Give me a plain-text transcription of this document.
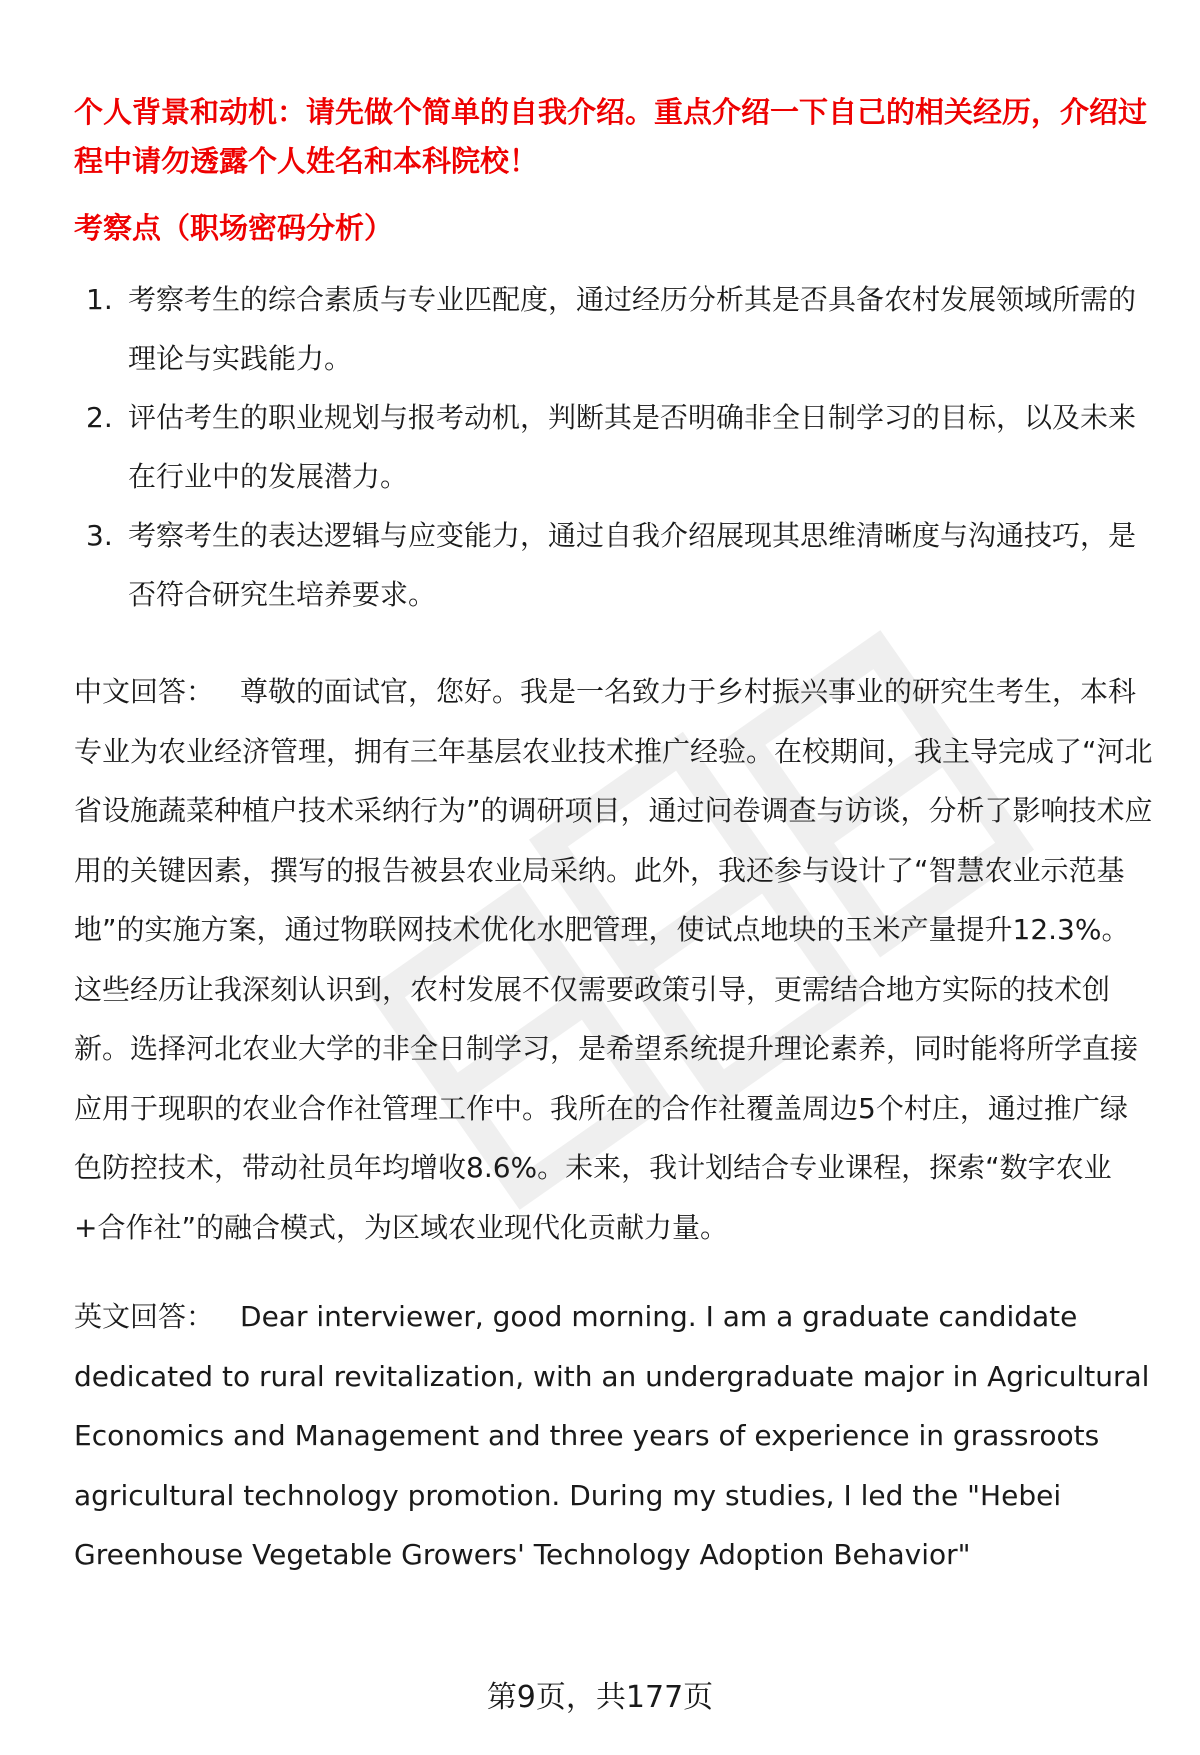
个人背景和动机：请先做个简单的自我介绍。重点介绍一下自己的相关经历，介绍过程中请勿透露个人姓名和本科院校！

考察点（职场密码分析）

1. 考察考生的综合素质与专业匹配度，通过经历分析其是否具备农村发展领域所需的理论与实践能力。
2. 评估考生的职业规划与报考动机，判断其是否明确非全日制学习的目标，以及未来在行业中的发展潜力。
3. 考察考生的表达逻辑与应变能力，通过自我介绍展现其思维清晰度与沟通技巧，是否符合研究生培养要求。

中文回答： 尊敬的面试官，您好。我是一名致力于乡村振兴事业的研究生考生，本科专业为农业经济管理，拥有三年基层农业技术推广经验。在校期间，我主导完成了“河北省设施蔬菜种植户技术采纳行为”的调研项目，通过问卷调查与访谈，分析了影响技术应用的关键因素，撰写的报告被县农业局采纳。此外，我还参与设计了“智慧农业示范基地”的实施方案，通过物联网技术优化水肥管理，使试点地块的玉米产量提升12.3%。这些经历让我深刻认识到，农村发展不仅需要政策引导，更需结合地方实际的技术创新。选择河北农业大学的非全日制学习，是希望系统提升理论素养，同时能将所学直接应用于现职的农业合作社管理工作中。我所在的合作社覆盖周边5个村庄，通过推广绿色防控技术，带动社员年均增收8.6%。未来，我计划结合专业课程，探索“数字农业+合作社”的融合模式，为区域农业现代化贡献力量。

英文回答： Dear interviewer, good morning. I am a graduate candidate dedicated to rural revitalization, with an undergraduate major in Agricultural Economics and Management and three years of experience in grassroots agricultural technology promotion. During my studies, I led the "Hebei Greenhouse Vegetable Growers' Technology Adoption Behavior"

第9页，共177页
